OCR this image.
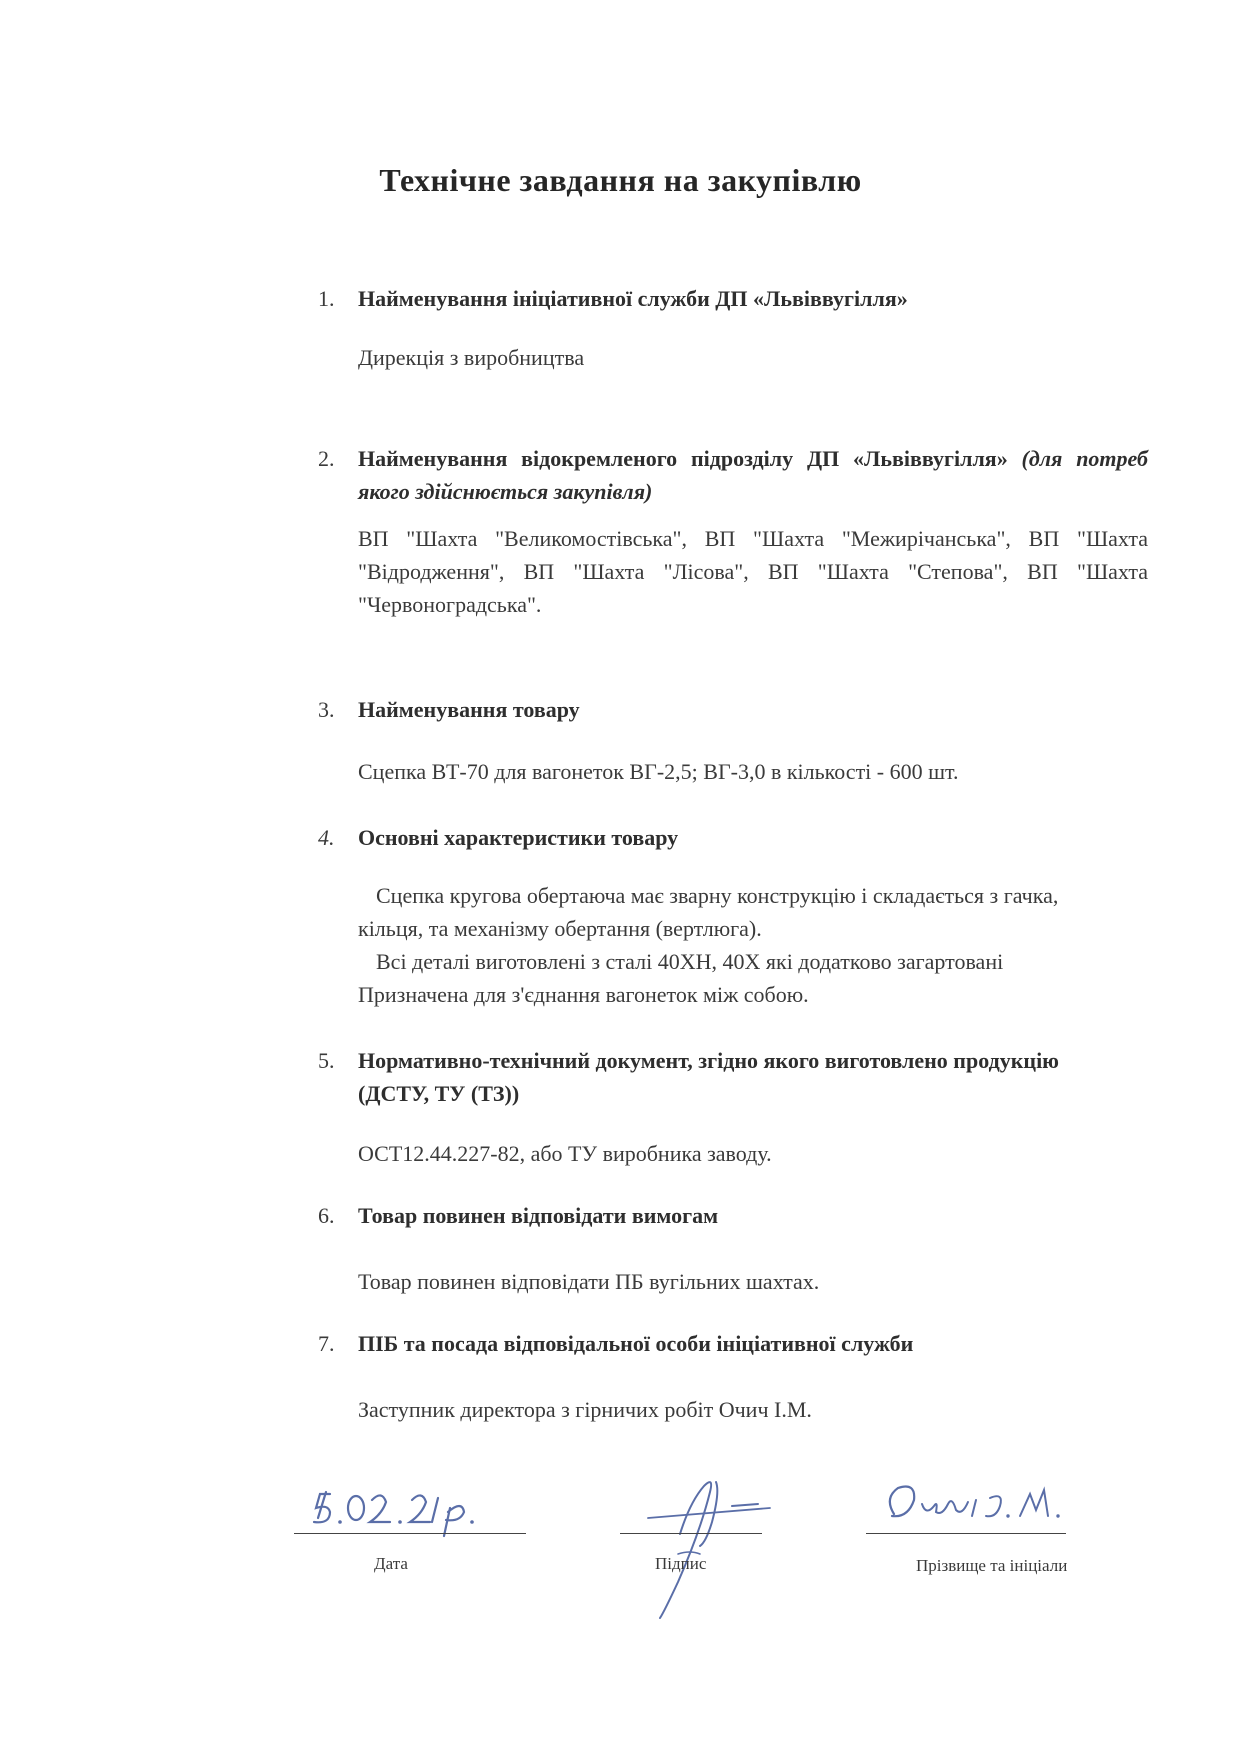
Технічне завдання на закупівлю
1.	Найменування ініціативної служби ДП «Львіввугілля»
Дирекція з виробництва
2.	Найменування відокремленого підрозділу ДП «Львіввугілля» (для потреб якого здійснюється закупівля)
ВП "Шахта "Великомостівська", ВП "Шахта "Межирічанська", ВП "Шахта "Відродження", ВП "Шахта "Лісова", ВП "Шахта "Степова", ВП "Шахта "Червоноградська".
3.	Найменування товару
Сцепка ВТ-70 для вагонеток ВГ-2,5; ВГ-3,0 в кількості - 600 шт.
4.	Основні характеристики товару
Сцепка кругова обертаюча має зварну конструкцію і складається з гачка, кільця, та механізму обертання (вертлюга).
Всі деталі виготовлені з сталі 40ХН, 40Х які додатково загартовані Призначена для з'єднання вагонеток між собою.
5.	Нормативно-технічний документ, згідно якого виготовлено продукцію (ДСТУ, ТУ (ТЗ))
ОСТ12.44.227-82, або ТУ виробника заводу.
6.	Товар повинен відповідати вимогам
Товар повинен відповідати ПБ вугільних шахтах.
7.	ПІБ та посада відповідальної особи ініціативної служби
Заступник директора з гірничих робіт Очич І.М.
Дата	Підпис	Прізвище та ініціали
